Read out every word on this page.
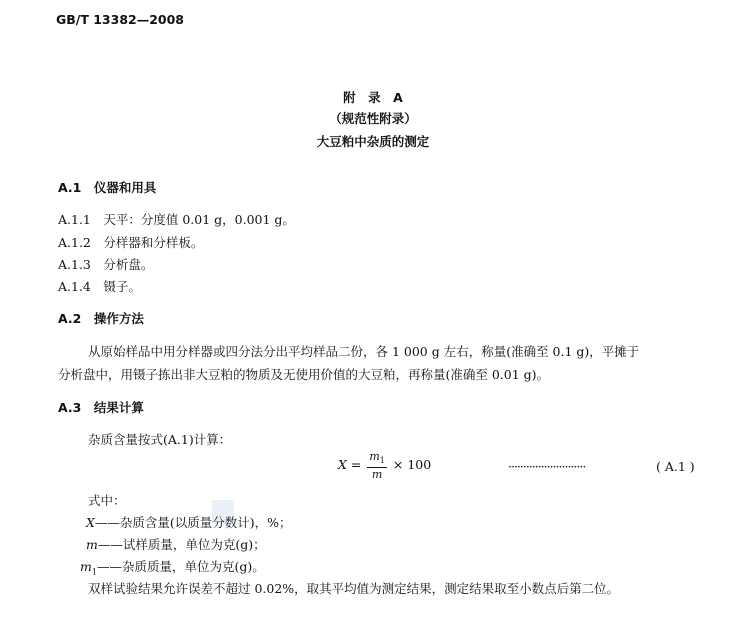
GB/T 13382—2008
附　录　A
（规范性附录）
大豆粕中杂质的测定
A.1　仪器和用具
A.1.1　天平：分度值 0.01 g，0.001 g。
A.1.2　分样器和分样板。
A.1.3　分析盘。
A.1.4　镊子。
A.2　操作方法
从原始样品中用分样器或四分法分出平均样品二份，各 1 000 g 左右，称量(准确至 0.1 g)，平摊于
分析盘中，用镊子拣出非大豆粕的物质及无使用价值的大豆粕，再称量(准确至 0.01 g)。
A.3　结果计算
杂质含量按式(A.1)计算：
$X = \frac{m_1}{m} \times 100$	··························	( A.1 )
式中：
X——杂质含量(以质量分数计)，%；
m——试样质量，单位为克(g)；
$m_1——$杂质质量，单位为克(g)。
双样试验结果允许误差不超过 0.02%，取其平均值为测定结果，测定结果取至小数点后第二位。
